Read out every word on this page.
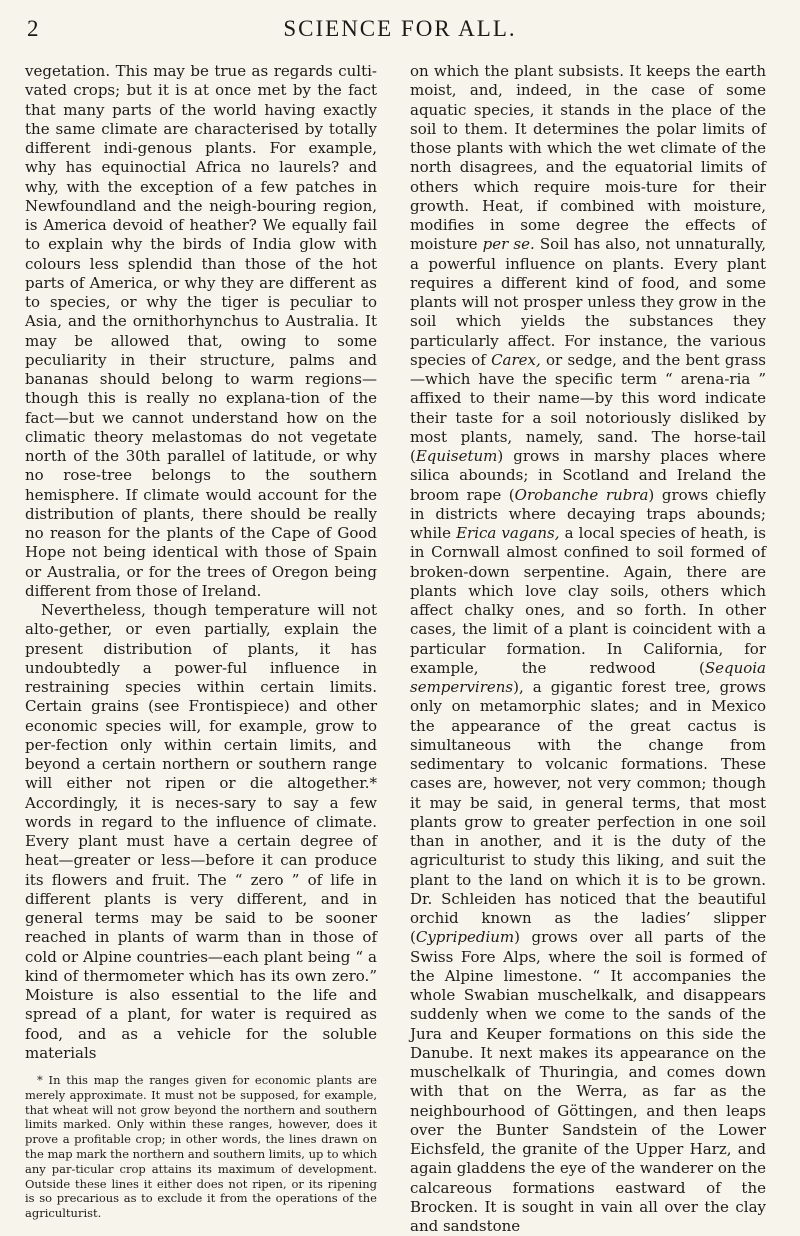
2	SCIENCE FOR ALL.

vegetation. This may be true as regards culti-vated crops; but it is at once met by the fact that many parts of the world having exactly the same climate are characterised by totally different indi-genous plants. For example, why has equinoctial Africa no laurels? and why, with the exception of a few patches in Newfoundland and the neigh-bouring region, is America devoid of heather? We equally fail to explain why the birds of India glow with colours less splendid than those of the hot parts of America, or why they are different as to species, or why the tiger is peculiar to Asia, and the ornithorhynchus to Australia. It may be allowed that, owing to some peculiarity in their structure, palms and bananas should belong to warm regions—though this is really no explana-tion of the fact—but we cannot understand how on the climatic theory melastomas do not vegetate north of the 30th parallel of latitude, or why no rose-tree belongs to the southern hemisphere. If climate would account for the distribution of plants, there should be really no reason for the plants of the Cape of Good Hope not being identical with those of Spain or Australia, or for the trees of Oregon being different from those of Ireland.

Nevertheless, though temperature will not alto-gether, or even partially, explain the present distribution of plants, it has undoubtedly a power-ful influence in restraining species within certain limits. Certain grains (see Frontispiece) and other economic species will, for example, grow to per-fection only within certain limits, and beyond a certain northern or southern range will either not ripen or die altogether.* Accordingly, it is neces-sary to say a few words in regard to the influence of climate. Every plant must have a certain degree of heat—greater or less—before it can produce its flowers and fruit. The “ zero ” of life in different plants is very different, and in general terms may be said to be sooner reached in plants of warm than in those of cold or Alpine countries—each plant being “ a kind of thermometer which has its own zero.” Moisture is also essential to the life and spread of a plant, for water is required as food, and as a vehicle for the soluble materials

* In this map the ranges given for economic plants are merely approximate. It must not be supposed, for example, that wheat will not grow beyond the northern and southern limits marked. Only within these ranges, however, does it prove a profitable crop; in other words, the lines drawn on the map mark the northern and southern limits, up to which any par-ticular crop attains its maximum of development. Outside these lines it either does not ripen, or its ripening is so precarious as to exclude it from the operations of the agriculturist.

on which the plant subsists. It keeps the earth moist, and, indeed, in the case of some aquatic species, it stands in the place of the soil to them. It determines the polar limits of those plants with which the wet climate of the north disagrees, and the equatorial limits of others which require mois-ture for their growth. Heat, if combined with moisture, modifies in some degree the effects of moisture per se. Soil has also, not unnaturally, a powerful influence on plants. Every plant requires a different kind of food, and some plants will not prosper unless they grow in the soil which yields the substances they particularly affect. For instance, the various species of Carex, or sedge, and the bent grass—which have the specific term “ arena-ria ” affixed to their name—by this word indicate their taste for a soil notoriously disliked by most plants, namely, sand. The horse-tail (Equisetum) grows in marshy places where silica abounds; in Scotland and Ireland the broom rape (Orobanche rubra) grows chiefly in districts where decaying traps abounds; while Erica vagans, a local species of heath, is in Cornwall almost confined to soil formed of broken-down serpentine. Again, there are plants which love clay soils, others which affect chalky ones, and so forth. In other cases, the limit of a plant is coincident with a particular formation. In California, for example, the redwood (Sequoia sempervirens), a gigantic forest tree, grows only on metamorphic slates; and in Mexico the appearance of the great cactus is simultaneous with the change from sedimentary to volcanic formations. These cases are, however, not very common; though it may be said, in general terms, that most plants grow to greater perfection in one soil than in another, and it is the duty of the agriculturist to study this liking, and suit the plant to the land on which it is to be grown. Dr. Schleiden has noticed that the beautiful orchid known as the ladies’ slipper (Cypripedium) grows over all parts of the Swiss Fore Alps, where the soil is formed of the Alpine limestone. “ It accompanies the whole Swabian muschelkalk, and disappears suddenly when we come to the sands of the Jura and Keuper formations on this side the Danube. It next makes its appearance on the muschelkalk of Thuringia, and comes down with that on the Werra, as far as the neighbourhood of Göttingen, and then leaps over the Bunter Sandstein of the Lower Eichsfeld, the granite of the Upper Harz, and again gladdens the eye of the wanderer on the calcareous formations eastward of the Brocken. It is sought in vain all over the clay and sandstone
